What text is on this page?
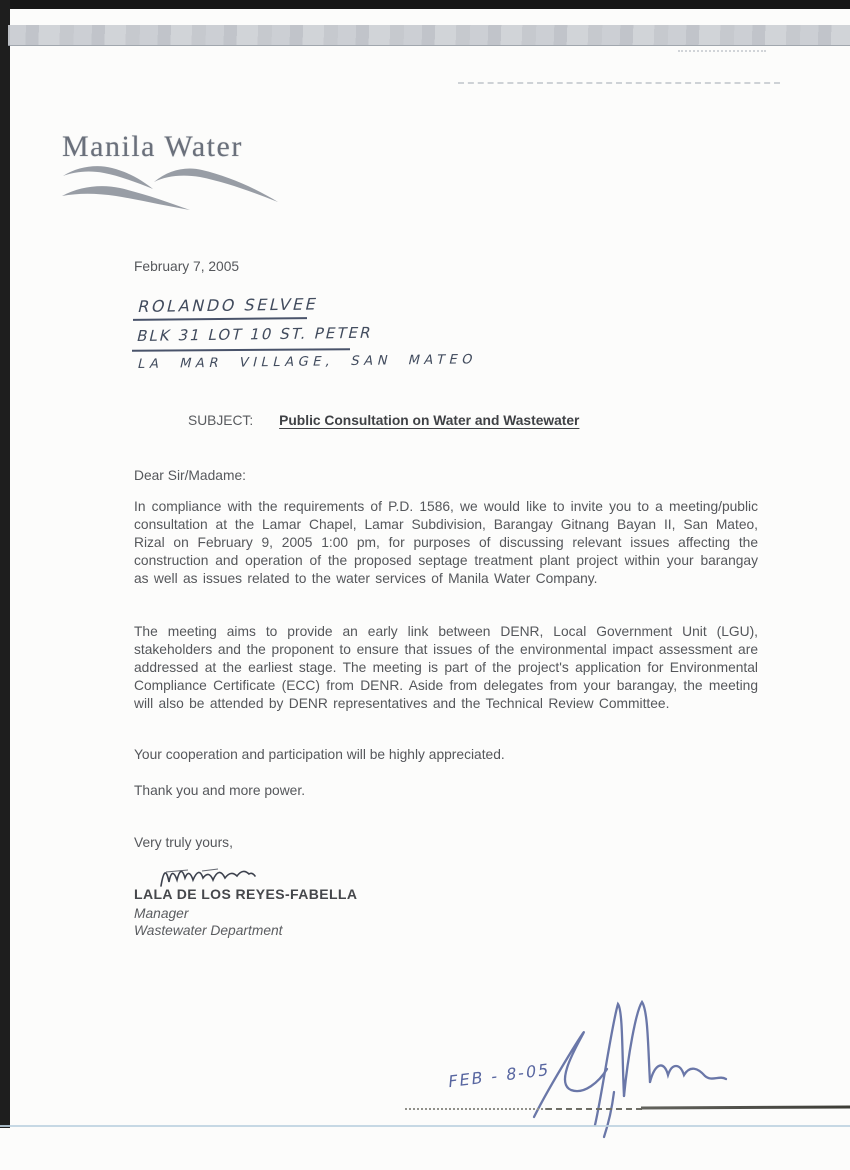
Manila Water
February 7, 2005
ROLANDO SELVEE
BLK 31 LOT 10 ST. PETER
LA MAR VILLAGE, SAN MATEO
SUBJECT: Public Consultation on Water and Wastewater
Dear Sir/Madame:
In compliance with the requirements of P.D. 1586, we would like to invite you to a meeting/public consultation at the Lamar Chapel, Lamar Subdivision, Barangay Gitnang Bayan II, San Mateo, Rizal on February 9, 2005 1:00 pm, for purposes of discussing relevant issues affecting the construction and operation of the proposed septage treatment plant project within your barangay as well as issues related to the water services of Manila Water Company.
The meeting aims to provide an early link between DENR, Local Government Unit (LGU), stakeholders and the proponent to ensure that issues of the environmental impact assessment are addressed at the earliest stage. The meeting is part of the project's application for Environmental Compliance Certificate (ECC) from DENR. Aside from delegates from your barangay, the meeting will also be attended by DENR representatives and the Technical Review Committee.
Your cooperation and participation will be highly appreciated.
Thank you and more power.
Very truly yours,
LALA DE LOS REYES-FABELLA
Manager
Wastewater Department
FEB - 8-05
